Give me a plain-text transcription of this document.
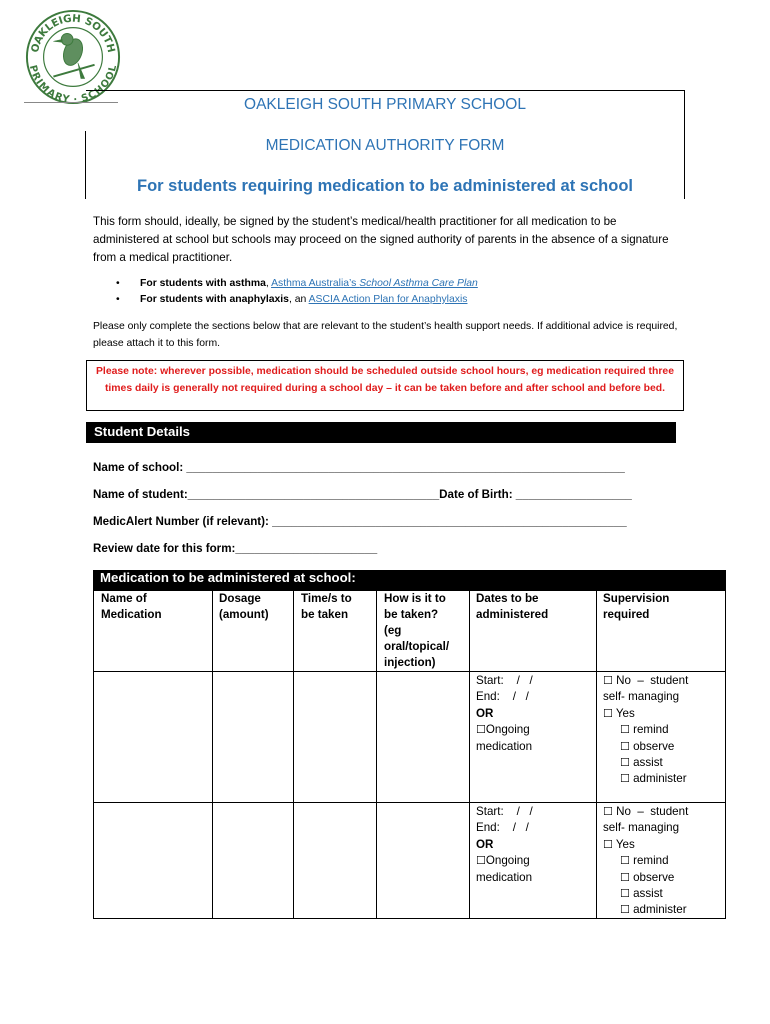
OAKLEIGH SOUTH
PRIMARY · SCHOOL
OAKLEIGH SOUTH PRIMARY SCHOOL
MEDICATION AUTHORITY FORM
For students requiring medication to be administered at school
This form should, ideally, be signed by the student’s medical/health practitioner for all medication to be administered at school but schools may proceed on the signed authority of parents in the absence of a signature from a medical practitioner.
• For students with asthma, Asthma Australia’s School Asthma Care Plan
• For students with anaphylaxis, an ASCIA Action Plan for Anaphylaxis
Please only complete the sections below that are relevant to the student’s health support needs. If additional advice is required, please attach it to this form.
Please note: wherever possible, medication should be scheduled outside school hours, eg medication required three times daily is generally not required during a school day – it can be taken before and after school and before bed.
Student Details
Name of school: ____________________________________________________________________
Name of student:_______________________________________Date of Birth: __________________
MedicAlert Number (if relevant): _______________________________________________________
Review date for this form:______________________
Medication to be administered at school:
Name of
Medication
Dosage
(amount)
Time/s to
be taken
How is it to
be taken?
(eg
oral/topical/
injection)
Dates to be
administered
Supervision
required
Start:    /   /
End:    /   /
OR
☐Ongoing
medication
☐ No  –  student
self- managing
☐ Yes
☐ remind
☐ observe
☐ assist
☐ administer
Start:    /   /
End:    /   /
OR
☐Ongoing
medication
☐ No  –  student
self- managing
☐ Yes
☐ remind
☐ observe
☐ assist
☐ administer
